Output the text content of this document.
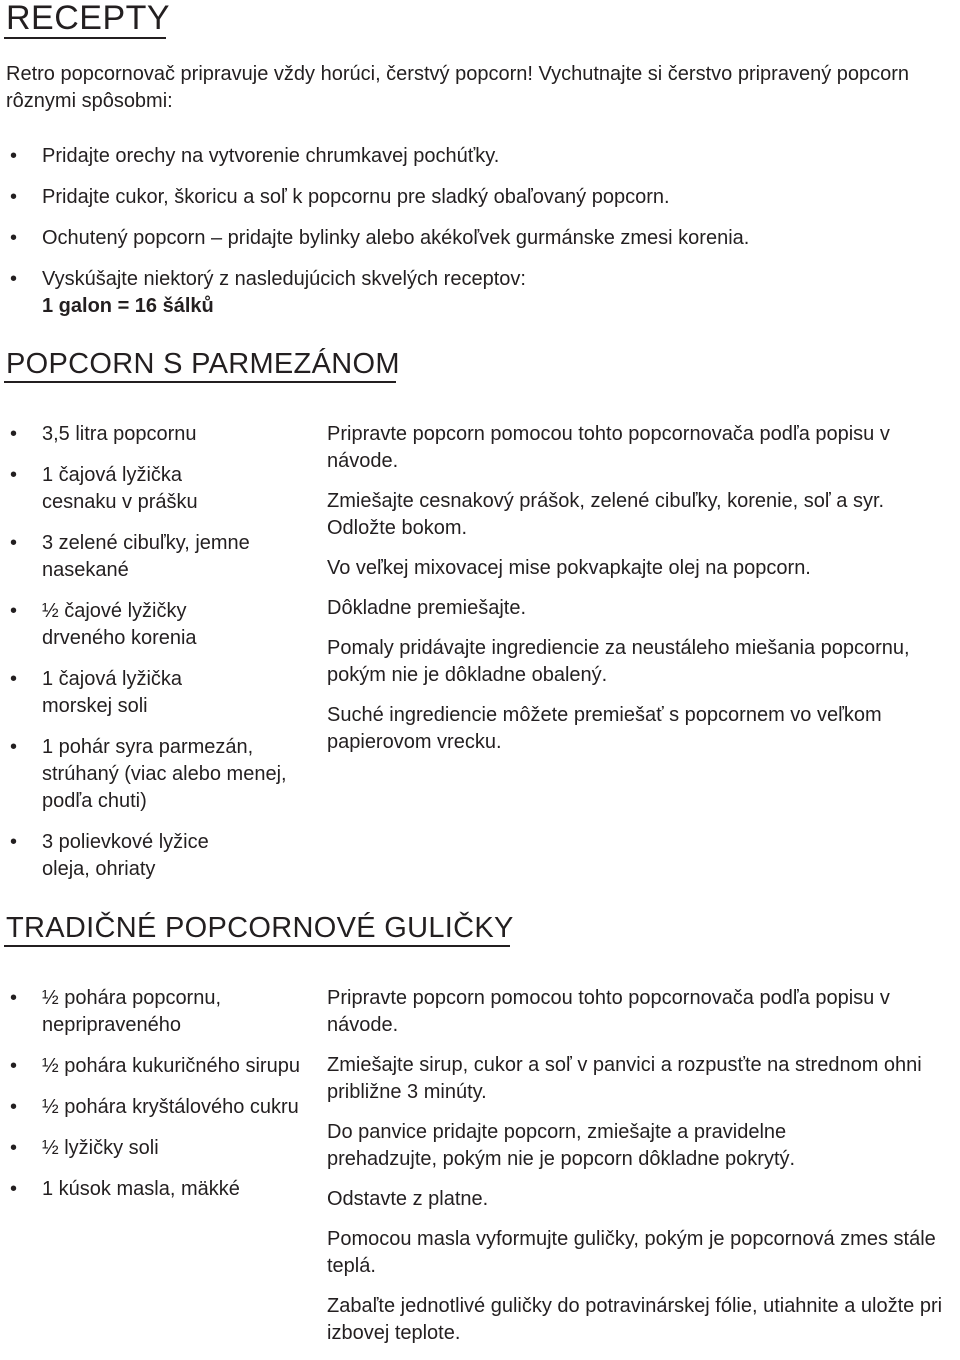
RECEPTY

Retro popcornovač pripravuje vždy horúci, čerstvý popcorn! Vychutnajte si čerstvo pripravený popcorn rôznymi spôsobmi:

• Pridajte orechy na vytvorenie chrumkavej pochúťky.
• Pridajte cukor, škoricu a soľ k popcornu pre sladký obaľovaný popcorn.
• Ochutený popcorn – pridajte bylinky alebo akékoľvek gurmánske zmesi korenia.
• Vyskúšajte niektorý z nasledujúcich skvelých receptov:
1 galon = 16 šálků
POPCORN S PARMEZÁNOM
• 3,5 litra popcornu
• 1 čajová lyžička cesnaku v prášku
• 3 zelené cibuľky, jemne nasekané
• ½ čajové lyžičky drveného korenia
• 1 čajová lyžička morskej soli
• 1 pohár syra parmezán, strúhaný (viac alebo menej, podľa chuti)
• 3 polievkové lyžice oleja, ohriaty

Pripravte popcorn pomocou tohto popcornovača podľa popisu v návode.

Zmiešajte cesnakový prášok, zelené cibuľky, korenie, soľ a syr. Odložte bokom.

Vo veľkej mixovacej mise pokvapkajte olej na popcorn.

Dôkladne premiešajte.

Pomaly pridávajte ingrediencie za neustáleho miešania popcornu, pokým nie je dôkladne obalený.

Suché ingrediencie môžete premiešať s popcornem vo veľkom papierovom vrecku.

TRADIČNÉ POPCORNOVÉ GULIČKY
• ½ pohára popcornu, nepripraveného
• ½ pohára kukuričného sirupu
• ½ pohára kryštálového cukru
• ½ lyžičky soli
• 1 kúsok masla, mäkké

Pripravte popcorn pomocou tohto popcornovača podľa popisu v návode.

Zmiešajte sirup, cukor a soľ v panvici a rozpusťte na strednom ohni približne 3 minúty.

Do panvice pridajte popcorn, zmiešajte a pravidelne prehadzujte, pokým nie je popcorn dôkladne pokrytý.

Odstavte z platne.

Pomocou masla vyformujte guličky, pokým je popcornová zmes stále teplá.

Zabaľte jednotlivé guličky do potravinárskej fólie, utiahnite a uložte pri izbovej teplote.
